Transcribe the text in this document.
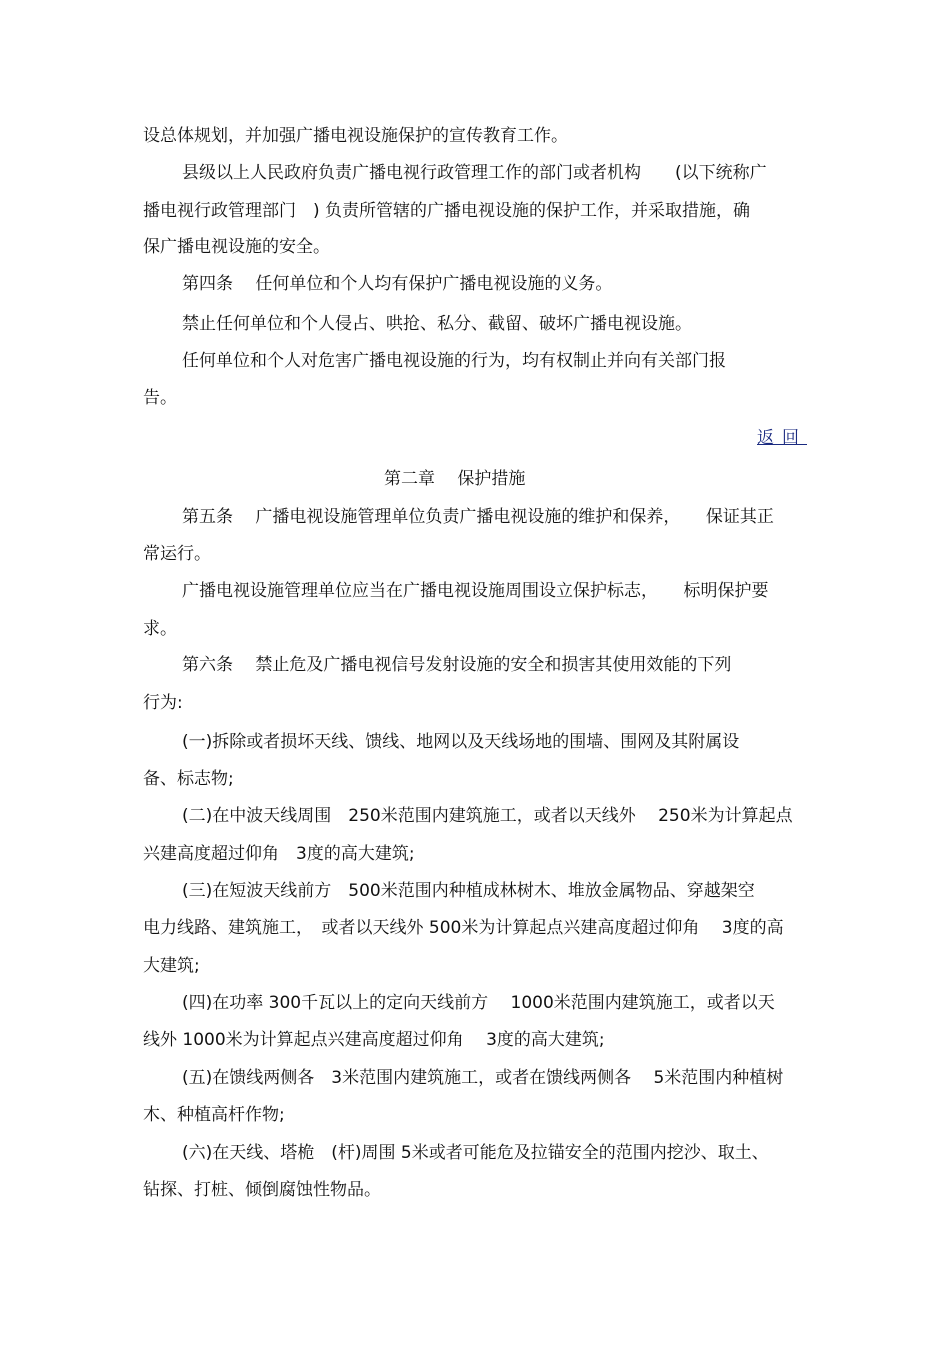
设总体规划，并加强广播电视设施保护的宣传教育工作。
县级以上人民政府负责广播电视行政管理工作的部门或者机构　　(以下统称广
播电视行政管理部门　) 负责所管辖的广播电视设施的保护工作，并采取措施，确
保广播电视设施的安全。
第四条　 任何单位和个人均有保护广播电视设施的义务。
禁止任何单位和个人侵占、哄抢、私分、截留、破坏广播电视设施。
任何单位和个人对危害广播电视设施的行为，均有权制止并向有关部门报
告。
返回
第二章　 保护措施
第五条　 广播电视设施管理单位负责广播电视设施的维护和保养，　　保证其正
常运行。
广播电视设施管理单位应当在广播电视设施周围设立保护标志，　　标明保护要
求。
第六条　 禁止危及广播电视信号发射设施的安全和损害其使用效能的下列
行为:
(一)拆除或者损坏天线、馈线、地网以及天线场地的围墙、围网及其附属设
备、标志物;
(二)在中波天线周围　250米范围内建筑施工，或者以天线外　 250米为计算起点
兴建高度超过仰角　3度的高大建筑;
(三)在短波天线前方　500米范围内种植成林树木、堆放金属物品、穿越架空
电力线路、建筑施工，　或者以天线外 500米为计算起点兴建高度超过仰角　 3度的高
大建筑;
(四)在功率 300千瓦以上的定向天线前方　 1000米范围内建筑施工，或者以天
线外 1000米为计算起点兴建高度超过仰角　 3度的高大建筑;
(五)在馈线两侧各　3米范围内建筑施工，或者在馈线两侧各　 5米范围内种植树
木、种植高杆作物;
(六)在天线、塔桅　(杆)周围 5米或者可能危及拉锚安全的范围内挖沙、取土、
钻探、打桩、倾倒腐蚀性物品。
